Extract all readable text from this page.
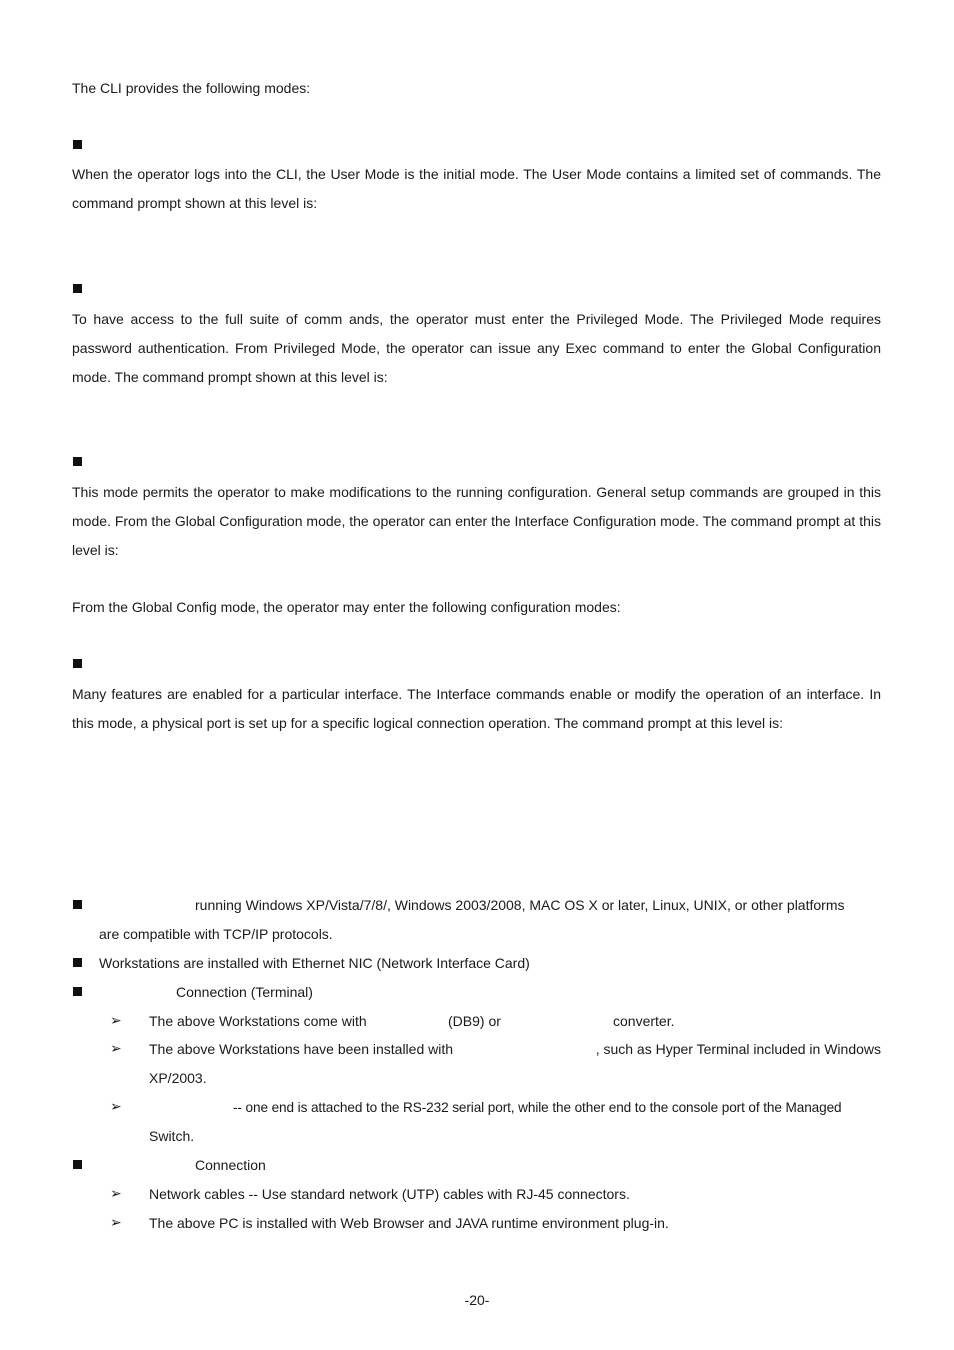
The CLI provides the following modes:

When the operator logs into the CLI, the User Mode is the initial mode. The User Mode contains a limited set of commands. The command prompt shown at this level is:

To have access to the full suite of comm ands, the operator must enter the Privileged Mode. The Privileged Mode requires password authentication. From Privileged Mode, the operator can issue any Exec command to enter the Global Configuration mode. The command prompt shown at this level is:

This mode permits the operator to make modifications to the running configuration. General setup commands are grouped in this mode. From the Global Configuration mode, the operator can enter the Interface Configuration mode. The command prompt at this level is:

From the Global Config mode, the operator may enter the following configuration modes:

Many features are enabled for a particular interface. The Interface commands enable or modify the operation of an interface. In this mode, a physical port is set up for a specific logical connection operation. The command prompt at this level is:

running Windows XP/Vista/7/8/, Windows 2003/2008, MAC OS X or later, Linux, UNIX, or other platforms

are compatible with TCP/IP protocols.

Workstations are installed with Ethernet NIC (Network Interface Card)

Connection (Terminal)

➢ The above Workstations come with	(DB9) or	converter.

➢ The above Workstations have been installed with	, such as Hyper Terminal included in Windows

XP/2003.

➢	-- one end is attached to the RS-232 serial port, while the other end to the console port of the Managed

Switch.

Connection

➢ Network cables -- Use standard network (UTP) cables with RJ-45 connectors.

➢ The above PC is installed with Web Browser and JAVA runtime environment plug-in.

-20-
